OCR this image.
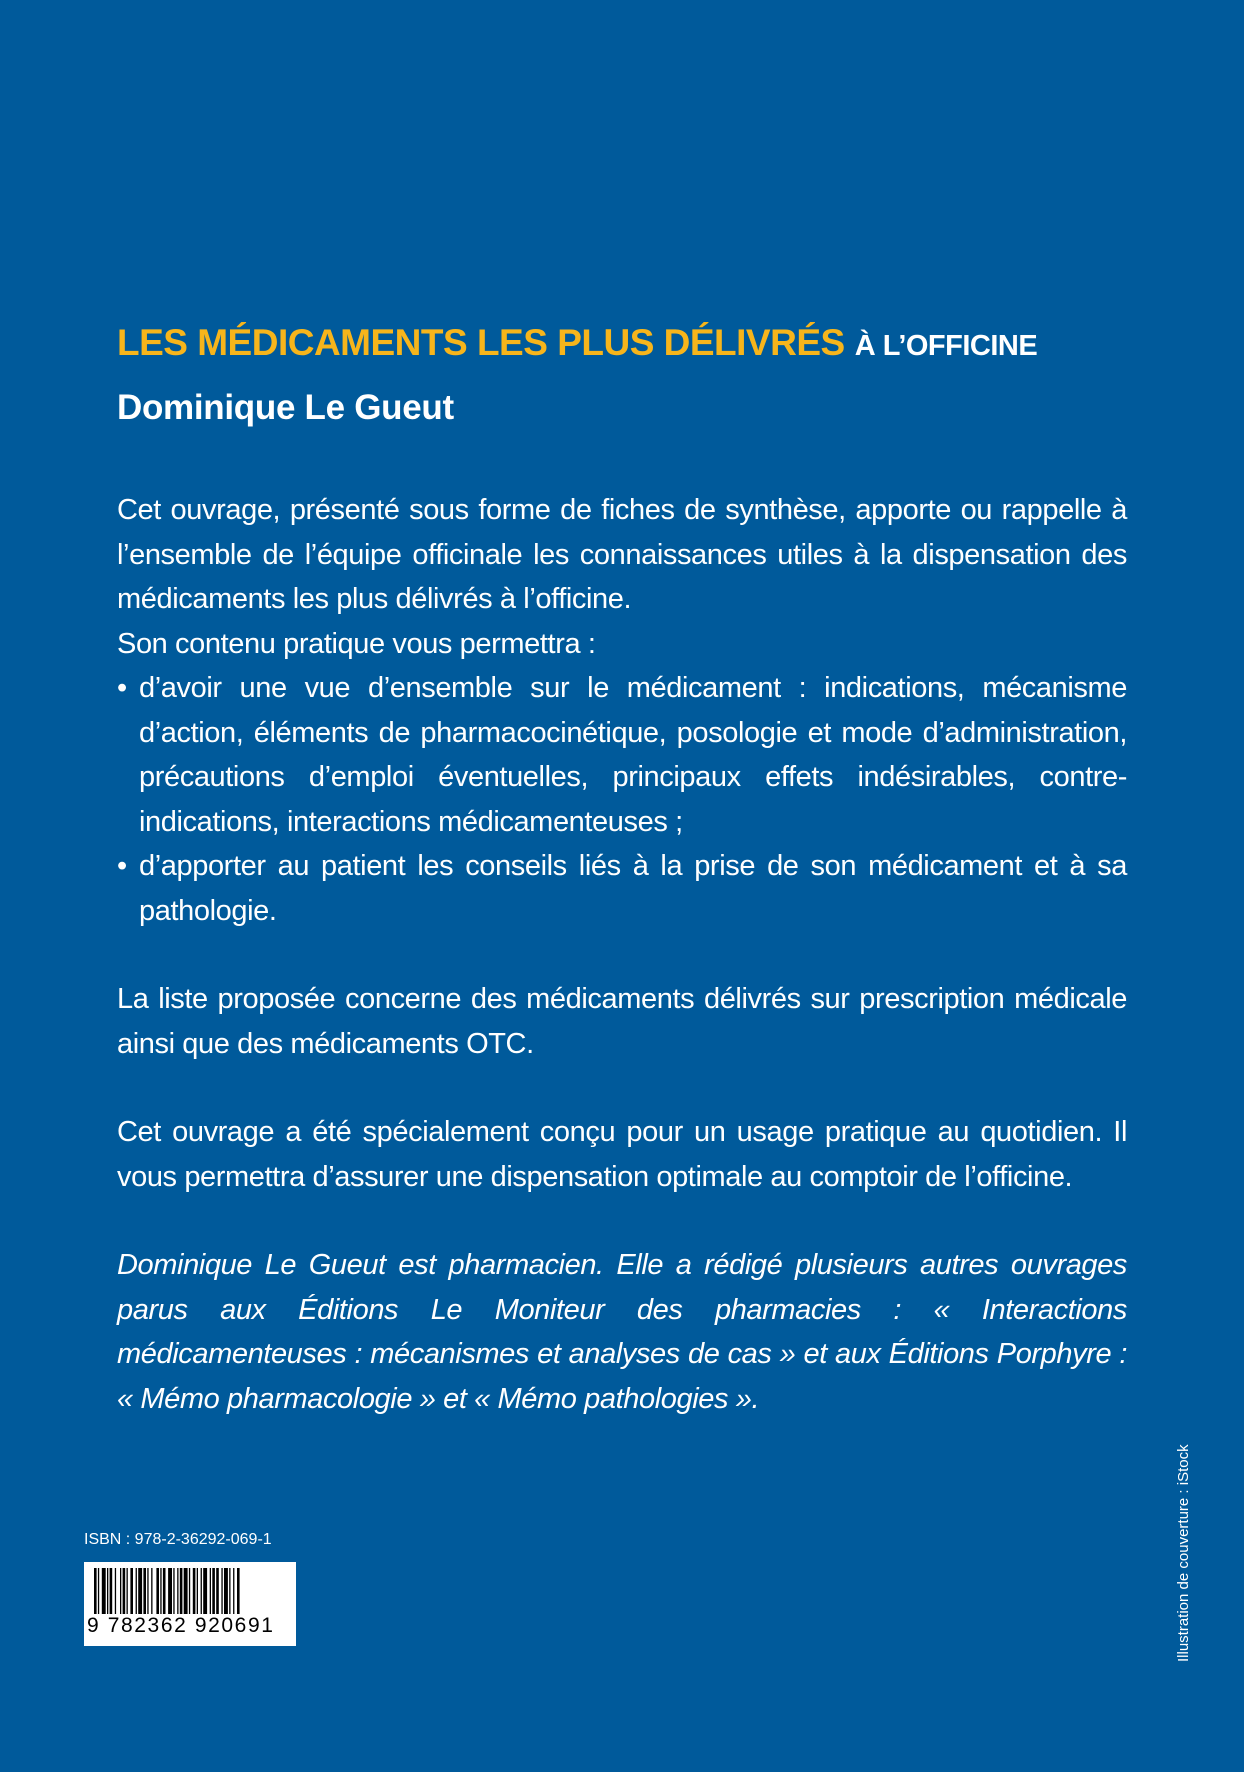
LES MÉDICAMENTS LES PLUS DÉLIVRÉS À L’OFFICINE
Dominique Le Gueut

Cet ouvrage, présenté sous forme de fiches de synthèse, apporte ou rappelle à l’ensemble de l’équipe officinale les connaissances utiles à la dispensation des médicaments les plus délivrés à l’officine.

Son contenu pratique vous permettra :

• d’avoir une vue d’ensemble sur le médicament : indications, mécanisme d’action, éléments de pharmacocinétique, posologie et mode d’administration, précautions d’emploi éventuelles, principaux effets indésirables, contre-indications, interactions médicamenteuses ;
• d’apporter au patient les conseils liés à la prise de son médicament et à sa pathologie.

La liste proposée concerne des médicaments délivrés sur prescription médicale ainsi que des médicaments OTC.

Cet ouvrage a été spécialement conçu pour un usage pratique au quotidien. Il vous permettra d’assurer une dispensation optimale au comptoir de l’officine.

Dominique Le Gueut est pharmacien. Elle a rédigé plusieurs autres ouvrages parus aux Éditions Le Moniteur des pharmacies : « Interactions médicamenteuses : mécanismes et analyses de cas » et aux Éditions Porphyre : « Mémo pharmacologie » et « Mémo pathologies ».

ISBN : 978-2-36292-069-1
9 782362 920691	Illustration de couverture : iStock
